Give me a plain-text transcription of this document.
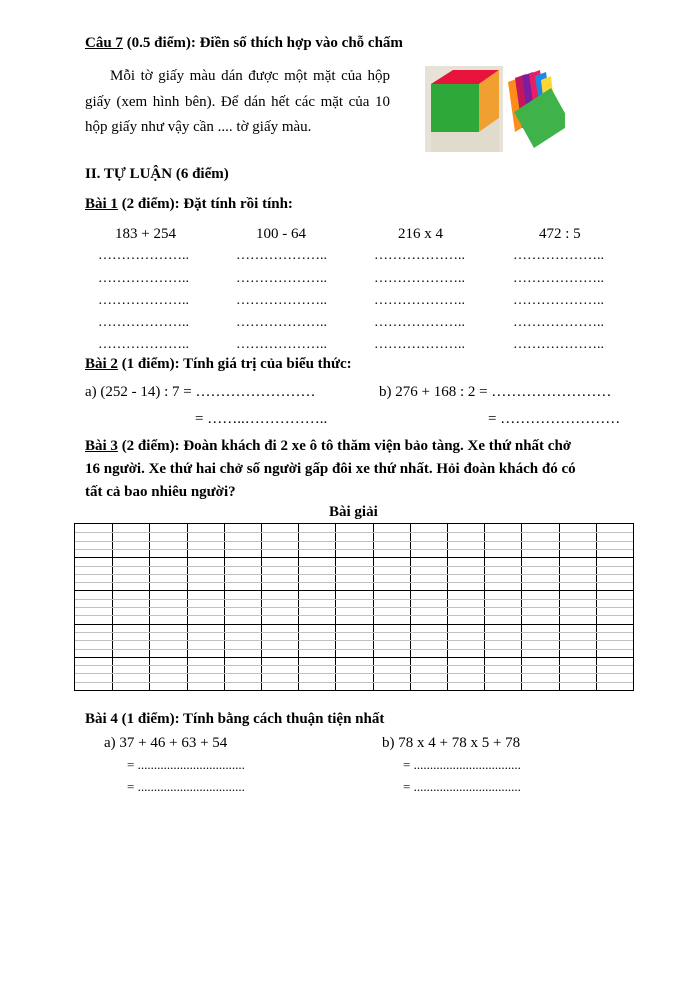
Câu 7 (0.5 điểm): Điền số thích hợp vào chỗ chấm
Mỗi tờ giấy màu dán được một mặt của hộp giấy (xem hình bên). Để dán hết các mặt của 10 hộp giấy như vậy cần .... tờ giấy màu.
II. TỰ LUẬN (6 điểm)
Bài 1 (2 điểm): Đặt tính rồi tính:
183 + 254	100 - 64	216 x 4	472 : 5
………………..	………………..	………………..	………………..
………………..	………………..	………………..	………………..
………………..	………………..	………………..	………………..
………………..	………………..	………………..	………………..
………………..	………………..	………………..	………………..
Bài 2 (1 điểm): Tính giá trị của biểu thức:
a) (252 - 14) : 7 = ……………………	b) 276 + 168 : 2 = ……………………
= ……..……………..	= ……………………
Bài 3 (2 điểm): Đoàn khách đi 2 xe ô tô thăm viện bảo tàng. Xe thứ nhất chở
16 người. Xe thứ hai chở số người gấp đôi xe thứ nhất. Hỏi đoàn khách đó có
tất cả bao nhiêu người?
Bài giải
Bài 4 (1 điểm): Tính bằng cách thuận tiện nhất
a) 37 + 46 + 63 + 54	b) 78 x 4 + 78 x 5 + 78
= .................................	= .................................
= .................................	= .................................
